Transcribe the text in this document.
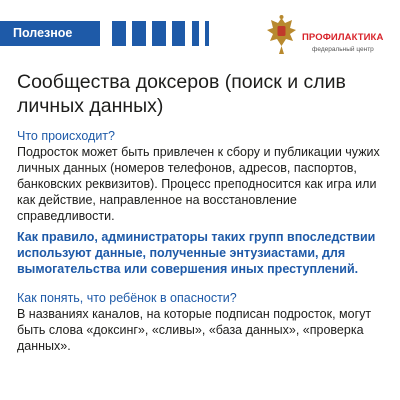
Полезное	ПРОФИЛАКТИКА
федеральный центр
Сообщества доксеров (поиск и слив личных данных)

Что происходит?

Подросток может быть привлечен к сбору и публикации чужих личных данных (номеров телефонов, адресов, паспортов, банковских реквизитов). Процесс преподносится как игра или как действие, направленное на восстановление справедливости.

Как правило, администраторы таких групп впоследствии используют данные, полученные энтузиастами, для вымогательства или совершения иных преступлений.

Как понять, что ребёнок в опасности?

В названиях каналов, на которые подписан подросток, могут быть слова «доксинг», «сливы», «база данных», «проверка данных».
